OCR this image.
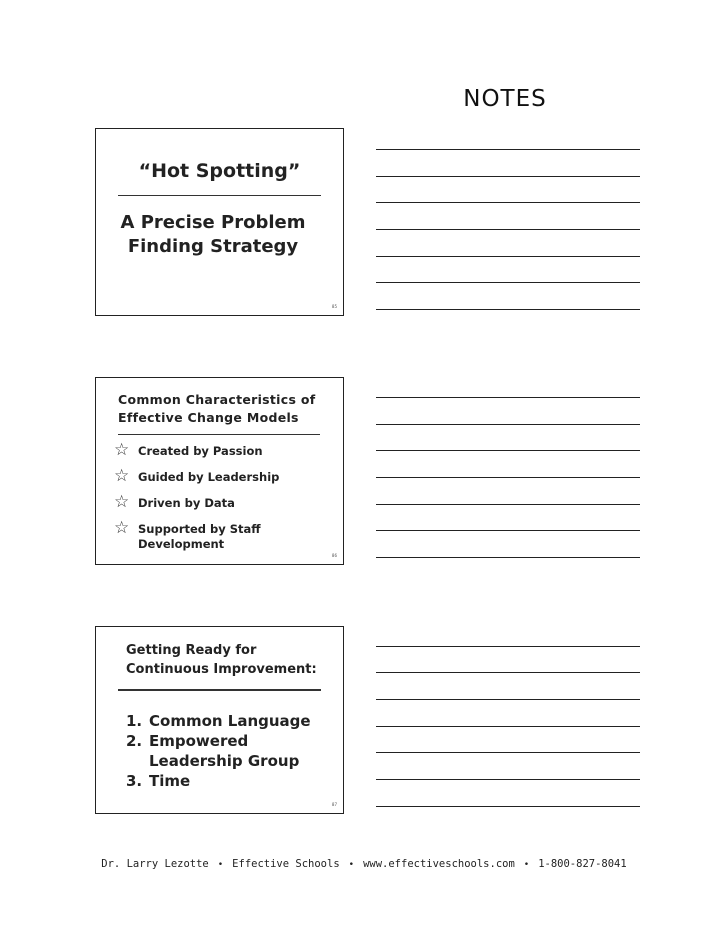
NOTES
“Hot Spotting”
A Precise Problem
Finding Strategy
85
Common Characteristics of
Effective Change Models
☆ Created by Passion
☆ Guided by Leadership
☆ Driven by Data
☆ Supported by Staff Development
86
Getting Ready for
Continuous Improvement:
1. Common Language
2. Empowered Leadership Group
3. Time
87
Dr. Larry Lezotte • Effective Schools • www.effectiveschools.com • 1-800-827-8041
